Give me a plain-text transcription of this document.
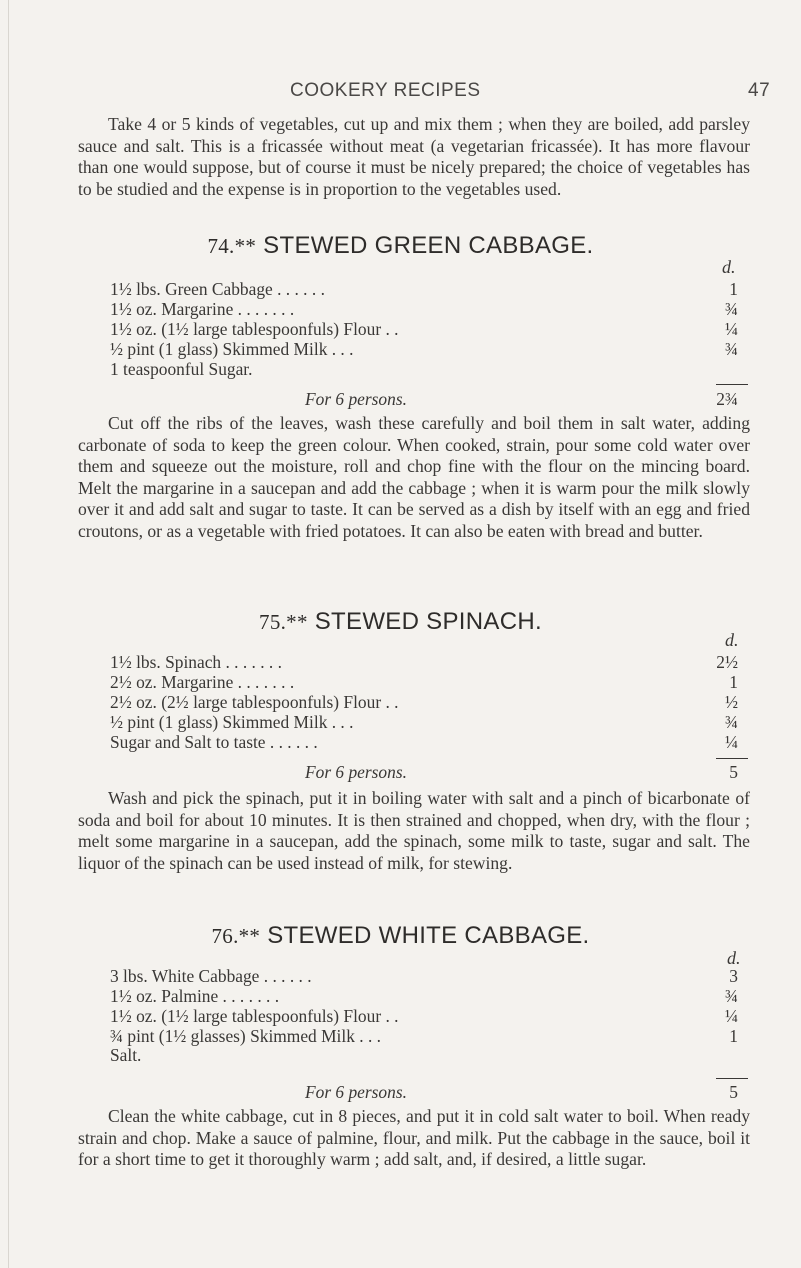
COOKERY RECIPES	47

Take 4 or 5 kinds of vegetables, cut up and mix them ; when they are boiled, add parsley sauce and salt. This is a fricassée without meat (a vegetarian fricassée). It has more flavour than one would suppose, but of course it must be nicely prepared; the choice of vegetables has to be studied and the expense is in proportion to the vegetables used.

74.** STEWED GREEN CABBAGE.
d.
1½ lbs. Green Cabbage . . . . . .	1
1½ oz. Margarine . . . . . . .	¾
1½ oz. (1½ large tablespoonfuls) Flour . .	¼
½ pint (1 glass) Skimmed Milk . . .	¾
1 teaspoonful Sugar.
For 6 persons.	2¾

Cut off the ribs of the leaves, wash these carefully and boil them in salt water, adding carbonate of soda to keep the green colour. When cooked, strain, pour some cold water over them and squeeze out the moisture, roll and chop fine with the flour on the mincing board. Melt the margarine in a saucepan and add the cabbage ; when it is warm pour the milk slowly over it and add salt and sugar to taste. It can be served as a dish by itself with an egg and fried croutons, or as a vegetable with fried potatoes. It can also be eaten with bread and butter.

75.** STEWED SPINACH.
d.
1½ lbs. Spinach . . . . . . .	2½
2½ oz. Margarine . . . . . . .	1
2½ oz. (2½ large tablespoonfuls) Flour . .	½
½ pint (1 glass) Skimmed Milk . . .	¾
Sugar and Salt to taste . . . . . .	¼
For 6 persons.	5

Wash and pick the spinach, put it in boiling water with salt and a pinch of bicarbonate of soda and boil for about 10 minutes. It is then strained and chopped, when dry, with the flour ; melt some margarine in a saucepan, add the spinach, some milk to taste, sugar and salt. The liquor of the spinach can be used instead of milk, for stewing.

76.** STEWED WHITE CABBAGE.
d.
3 lbs. White Cabbage . . . . . .	3
1½ oz. Palmine . . . . . . .	¾
1½ oz. (1½ large tablespoonfuls) Flour . .	¼
¾ pint (1½ glasses) Skimmed Milk . . .	1
Salt.
For 6 persons.	5

Clean the white cabbage, cut in 8 pieces, and put it in cold salt water to boil. When ready strain and chop. Make a sauce of palmine, flour, and milk. Put the cabbage in the sauce, boil it for a short time to get it thoroughly warm ; add salt, and, if desired, a little sugar.
